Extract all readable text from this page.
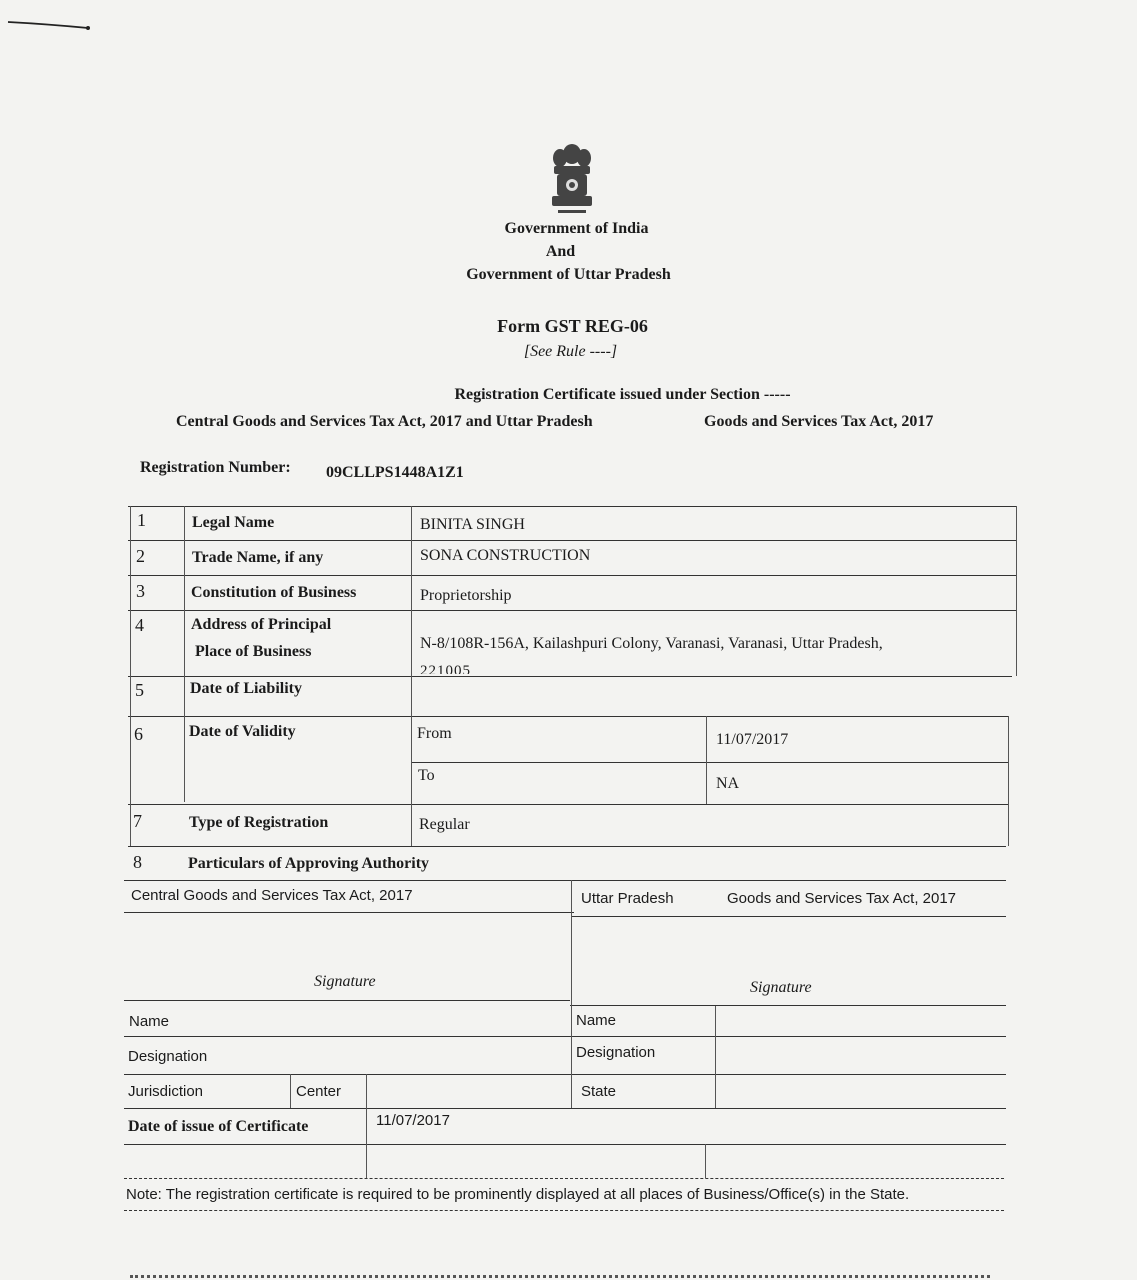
Government of India
And
Government of Uttar Pradesh
Form GST REG-06
[See Rule ----]
Registration Certificate issued under Section -----
Central Goods and Services Tax Act, 2017 and Uttar Pradesh	Goods and Services Tax Act, 2017
Registration Number: 09CLLPS1448A1Z1
1	Legal Name	BINITA SINGH
2	Trade Name, if any	SONA CONSTRUCTION
3	Constitution of Business	Proprietorship
4	Address of Principal
Place of Business	N-8/108R-156A, Kailashpuri Colony, Varanasi, Varanasi, Uttar Pradesh,
221005
5	Date of Liability
6	Date of Validity	From	11/07/2017
To	NA
7	Type of Registration	Regular
8	Particulars of Approving Authority
Central Goods and Services Tax Act, 2017	Uttar Pradesh	Goods and Services Tax Act, 2017
Signature	Signature
Name	Name
Designation	Designation
Jurisdiction	Center	State
Date of issue of Certificate	11/07/2017
Note: The registration certificate is required to be prominently displayed at all places of Business/Office(s) in the State.
